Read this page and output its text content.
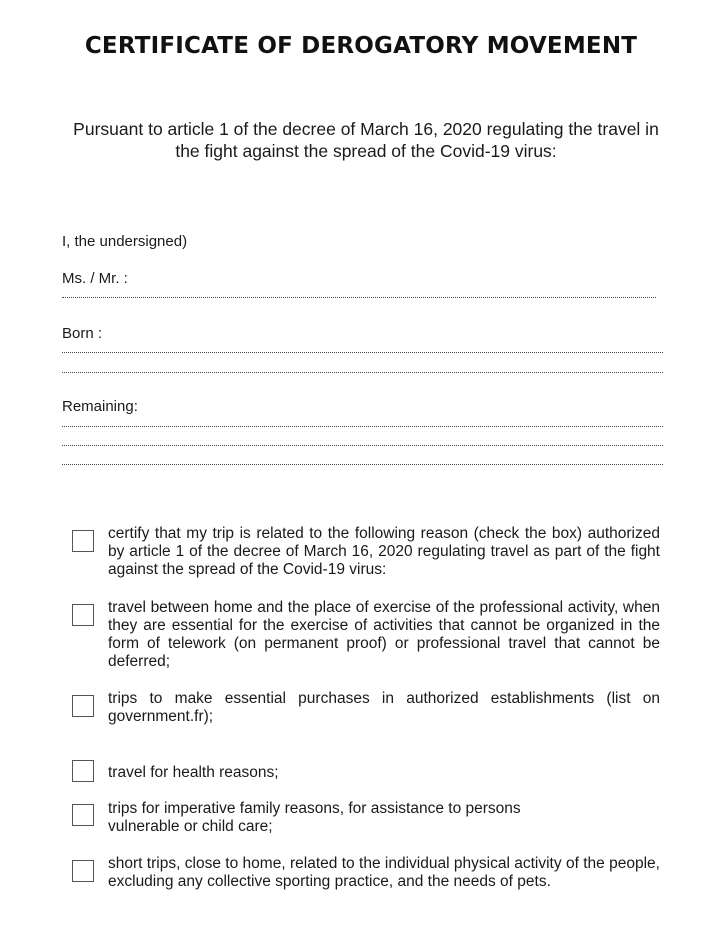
CERTIFICATE OF DEROGATORY MOVEMENT
Pursuant to article 1 of the decree of March 16, 2020 regulating the travel in the fight against the spread of the Covid-19 virus:
I, the undersigned)
Ms. / Mr. :
Born :
Remaining:
certify that my trip is related to the following reason (check the box) authorized by article 1 of the decree of March 16, 2020 regulating travel as part of the fight against the spread of the Covid-19 virus:
travel between home and the place of exercise of the professional activity, when they are essential for the exercise of activities that cannot be organized in the form of telework (on permanent proof) or professional travel that cannot be deferred;
trips to make essential purchases in authorized establishments (list on government.fr);
travel for health reasons;
trips for imperative family reasons, for assistance to persons vulnerable or child care;
short trips, close to home, related to the individual physical activity of the people, excluding any collective sporting practice, and the needs of pets.
